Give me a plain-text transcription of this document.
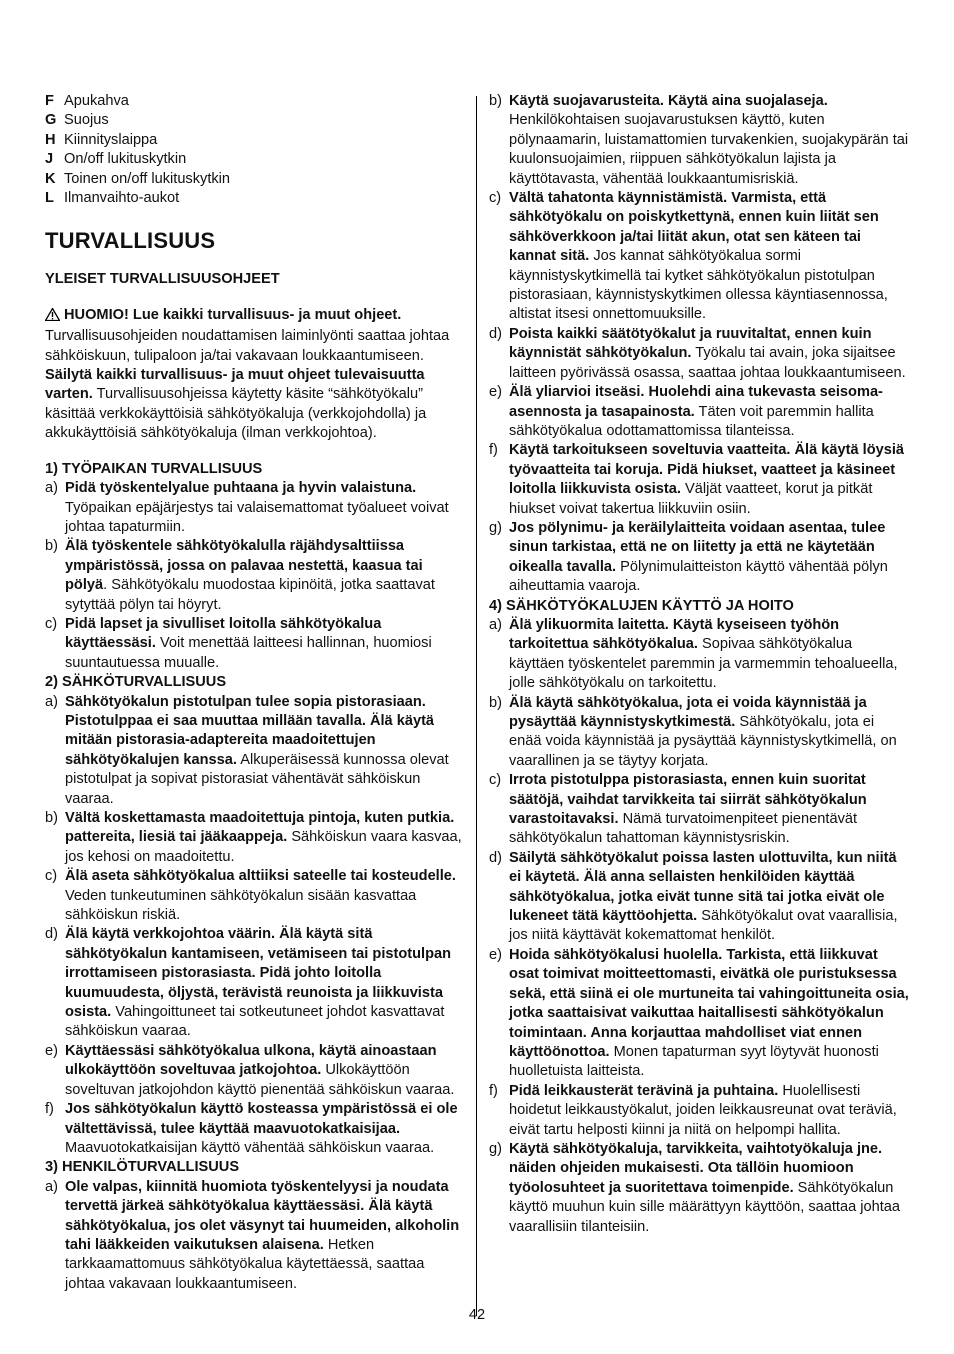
F Apukahva
G Suojus
H Kiinnityslaippa
J On/off lukituskytkin
K Toinen on/off lukituskytkin
L Ilmanvaihto-aukot
TURVALLISUUS
YLEISET TURVALLISUUSOHJEET

HUOMIO! Lue kaikki turvallisuus- ja muut ohjeet. Turvallisuusohjeiden noudattamisen laiminlyönti saattaa johtaa sähköiskuun, tulipaloon ja/tai vakavaan loukkaantumiseen. Säilytä kaikki turvallisuus- ja muut ohjeet tulevaisuutta varten. Turvallisuusohjeissa käytetty käsite “sähkötyökalu” käsittää verkkokäyttöisiä sähkötyökaluja (verkkojohdolla) ja akkukäyttöisiä sähkötyökaluja (ilman verkkojohtoa).

1) TYÖPAIKAN TURVALLISUUS
a) Pidä työskentelyalue puhtaana ja hyvin valaistuna. Työpaikan epäjärjestys tai valaisemattomat työalueet voivat johtaa tapaturmiin.
b) Älä työskentele sähkötyökalulla räjähdysalttiissa ympäristössä, jossa on palavaa nestettä, kaasua tai pölyä. Sähkötyökalu muodostaa kipinöitä, jotka saattavat sytyttää pölyn tai höyryt.
c) Pidä lapset ja sivulliset loitolla sähkötyökalua käyttäessäsi. Voit menettää laitteesi hallinnan, huomiosi suuntautuessa muualle.
2) SÄHKÖTURVALLISUUS
a) Sähkötyökalun pistotulpan tulee sopia pistorasiaan. Pistotulppaa ei saa muuttaa millään tavalla. Älä käytä mitään pistorasia-adaptereita maadoitettujen sähkötyökalujen kanssa. Alkuperäisessä kunnossa olevat pistotulpat ja sopivat pistorasiat vähentävät sähköiskun vaaraa.
b) Vältä koskettamasta maadoitettuja pintoja, kuten putkia. pattereita, liesiä tai jääkaappeja. Sähköiskun vaara kasvaa, jos kehosi on maadoitettu.
c) Älä aseta sähkötyökalua alttiiksi sateelle tai kosteudelle. Veden tunkeutuminen sähkötyökalun sisään kasvattaa sähköiskun riskiä.
d) Älä käytä verkkojohtoa väärin. Älä käytä sitä sähkötyökalun kantamiseen, vetämiseen tai pistotulpan irrottamiseen pistorasiasta. Pidä johto loitolla kuumuudesta, öljystä, terävistä reunoista ja liikkuvista osista. Vahingoittuneet tai sotkeutuneet johdot kasvattavat sähköiskun vaaraa.
e) Käyttäessäsi sähkötyökalua ulkona, käytä ainoastaan ulkokäyttöön soveltuvaa jatkojohtoa. Ulkokäyttöön soveltuvan jatkojohdon käyttö pienentää sähköiskun vaaraa.
f) Jos sähkötyökalun käyttö kosteassa ympäristössä ei ole vältettävissä, tulee käyttää maavuotokatkaisijaa. Maavuotokatkaisijan käyttö vähentää sähköiskun vaaraa.
3) HENKILÖTURVALLISUUS
a) Ole valpas, kiinnitä huomiota työskentelyysi ja noudata tervettä järkeä sähkötyökalua käyttäessäsi. Älä käytä sähkötyökalua, jos olet väsynyt tai huumeiden, alkoholin tahi lääkkeiden vaikutuksen alaisena. Hetken tarkkaamattomuus sähkötyökalua käytettäessä, saattaa johtaa vakavaan loukkaantumiseen.
b) Käytä suojavarusteita. Käytä aina suojalaseja. Henkilökohtaisen suojavarustuksen käyttö, kuten pölynaamarin, luistamattomien turvakenkien, suojakypärän tai kuulonsuojaimien, riippuen sähkötyökalun lajista ja käyttötavasta, vähentää loukkaantumisriskiä.
c) Vältä tahatonta käynnistämistä. Varmista, että sähkötyökalu on poiskytkettynä, ennen kuin liität sen sähköverkkoon ja/tai liität akun, otat sen käteen tai kannat sitä. Jos kannat sähkötyökalua sormi käynnistyskytkimellä tai kytket sähkötyökalun pistotulpan pistorasiaan, käynnistyskytkimen ollessa käyntiasennossa, altistat itsesi onnettomuuksille.
d) Poista kaikki säätötyökalut ja ruuvitaltat, ennen kuin käynnistät sähkötyökalun. Työkalu tai avain, joka sijaitsee laitteen pyörivässä osassa, saattaa johtaa loukkaantumiseen.
e) Älä yliarvioi itseäsi. Huolehdi aina tukevasta seisoma-asennosta ja tasapainosta. Täten voit paremmin hallita sähkötyökalua odottamattomissa tilanteissa.
f) Käytä tarkoitukseen soveltuvia vaatteita. Älä käytä löysiä työvaatteita tai koruja. Pidä hiukset, vaatteet ja käsineet loitolla liikkuvista osista. Väljät vaatteet, korut ja pitkät hiukset voivat takertua liikkuviin osiin.
g) Jos pölynimu- ja keräilylaitteita voidaan asentaa, tulee sinun tarkistaa, että ne on liitetty ja että ne käytetään oikealla tavalla. Pölynimulaitteiston käyttö vähentää pölyn aiheuttamia vaaroja.
4) SÄHKÖTYÖKALUJEN KÄYTTÖ JA HOITO
a) Älä ylikuormita laitetta. Käytä kyseiseen työhön tarkoitettua sähkötyökalua. Sopivaa sähkötyökalua käyttäen työskentelet paremmin ja varmemmin tehoalueella, jolle sähkötyökalu on tarkoitettu.
b) Älä käytä sähkötyökalua, jota ei voida käynnistää ja pysäyttää käynnistyskytkimestä. Sähkötyökalu, jota ei enää voida käynnistää ja pysäyttää käynnistyskytkimellä, on vaarallinen ja se täytyy korjata.
c) Irrota pistotulppa pistorasiasta, ennen kuin suoritat säätöjä, vaihdat tarvikkeita tai siirrät sähkötyökalun varastoitavaksi. Nämä turvatoimenpiteet pienentävät sähkötyökalun tahattoman käynnistysriskin.
d) Säilytä sähkötyökalut poissa lasten ulottuvilta, kun niitä ei käytetä. Älä anna sellaisten henkilöiden käyttää sähkötyökalua, jotka eivät tunne sitä tai jotka eivät ole lukeneet tätä käyttöohjetta. Sähkötyökalut ovat vaarallisia, jos niitä käyttävät kokemattomat henkilöt.
e) Hoida sähkötyökalusi huolella. Tarkista, että liikkuvat osat toimivat moitteettomasti, eivätkä ole puristuksessa sekä, että siinä ei ole murtuneita tai vahingoittuneita osia, jotka saattaisivat vaikuttaa haitallisesti sähkötyökalun toimintaan. Anna korjauttaa mahdolliset viat ennen käyttöönottoa. Monen tapaturman syyt löytyvät huonosti huolletuista laitteista.
f) Pidä leikkausterät terävinä ja puhtaina. Huolellisesti hoidetut leikkaustyökalut, joiden leikkausreunat ovat teräviä, eivät tartu helposti kiinni ja niitä on helpompi hallita.
g) Käytä sähkötyökaluja, tarvikkeita, vaihtotyökaluja jne. näiden ohjeiden mukaisesti. Ota tällöin huomioon työolosuhteet ja suoritettava toimenpide. Sähkötyökalun käyttö muuhun kuin sille määrättyyn käyttöön, saattaa johtaa vaarallisiin tilanteisiin.
42
